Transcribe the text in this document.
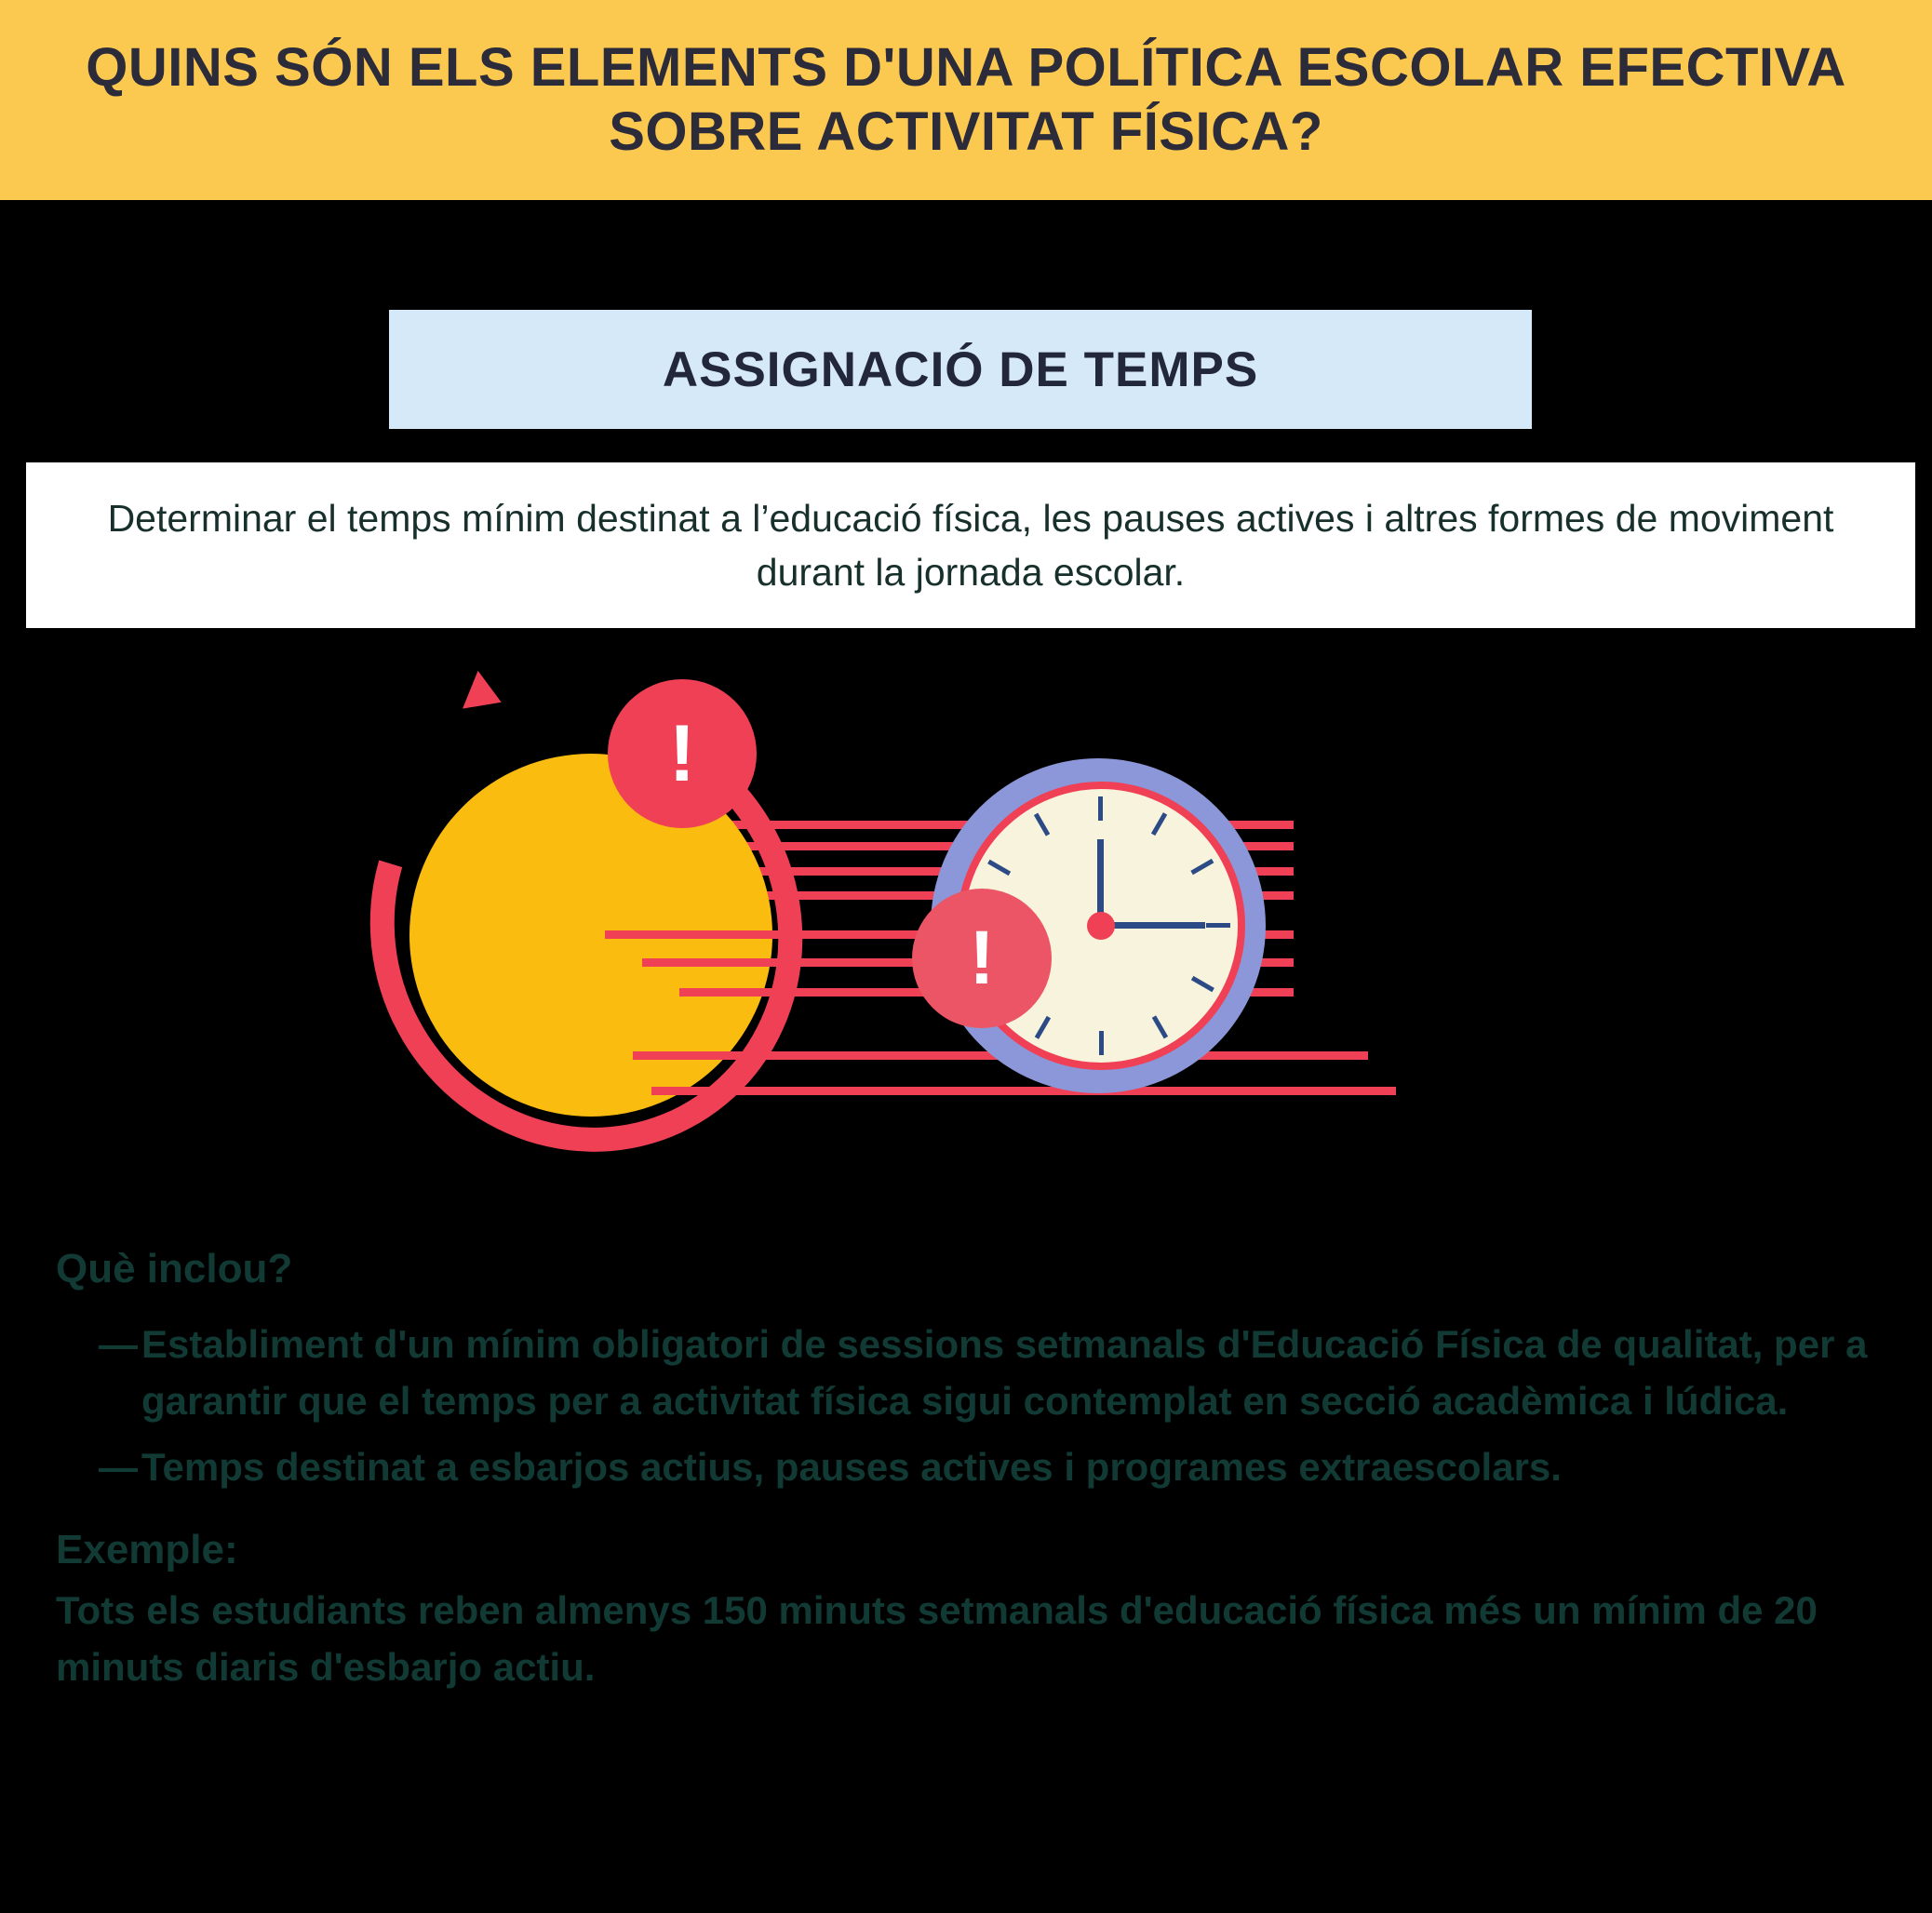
QUINS SÓN ELS ELEMENTS D'UNA POLÍTICA ESCOLAR EFECTIVA SOBRE ACTIVITAT FÍSICA?
ASSIGNACIÓ DE TEMPS
Determinar el temps mínim destinat a l’educació física, les pauses actives i altres formes de moviment durant la jornada escolar.
!
!
Què inclou?
— Establiment d'un mínim obligatori de sessions setmanals d'Educació Física de qualitat, per a garantir que el temps per a activitat física sigui contemplat en secció acadèmica i lúdica.
— Temps destinat a esbarjos actius, pauses actives i programes extraescolars.
Exemple:

Tots els estudiants reben almenys 150 minuts setmanals d'educació física més un mínim de 20 minuts diaris d'esbarjo actiu.
